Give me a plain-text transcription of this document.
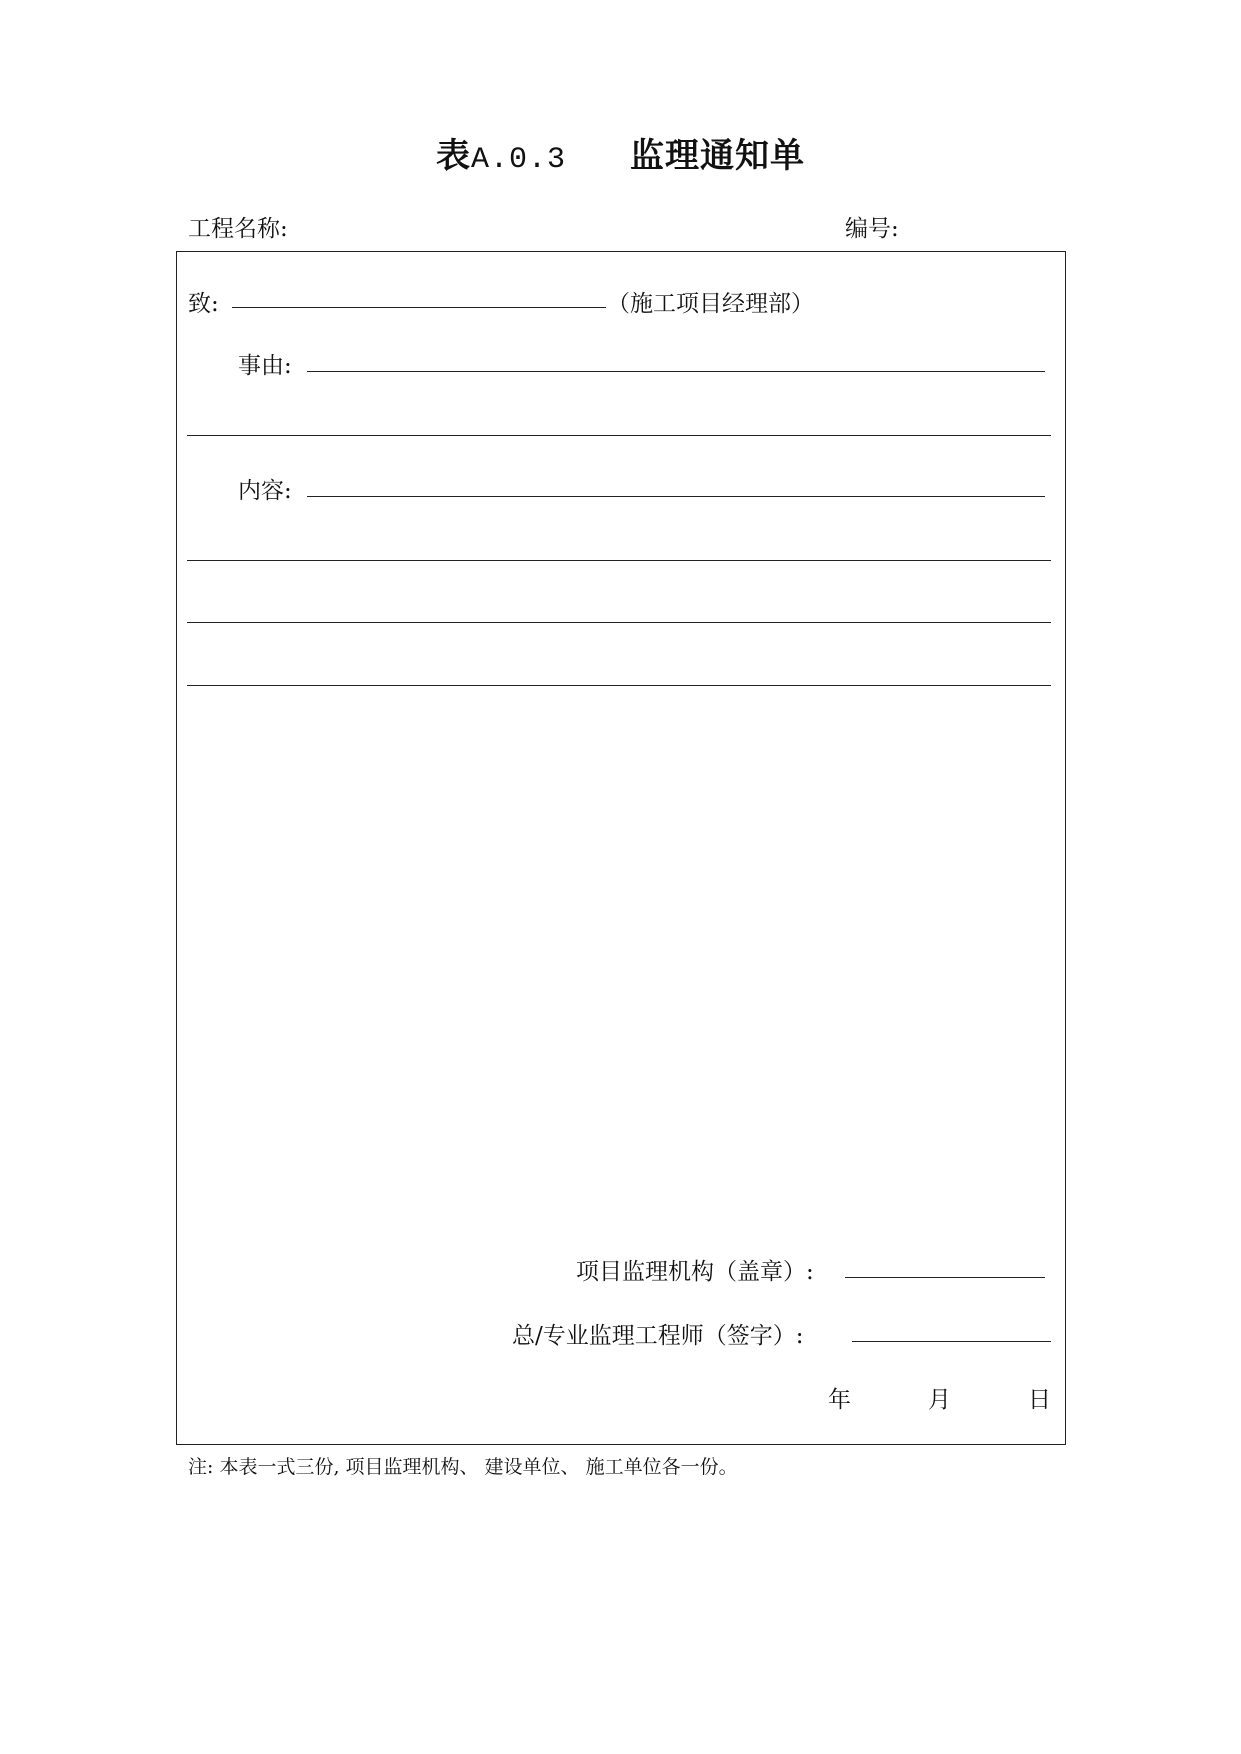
表A.0.3 监理通知单
工程名称:	编号:
致:	（施工项目经理部）
事由:
内容:
项目监理机构（盖章）:
总/专业监理工程师（签字）:
年	月	日
注: 本表一式三份, 项目监理机构、 建设单位、 施工单位各一份。
